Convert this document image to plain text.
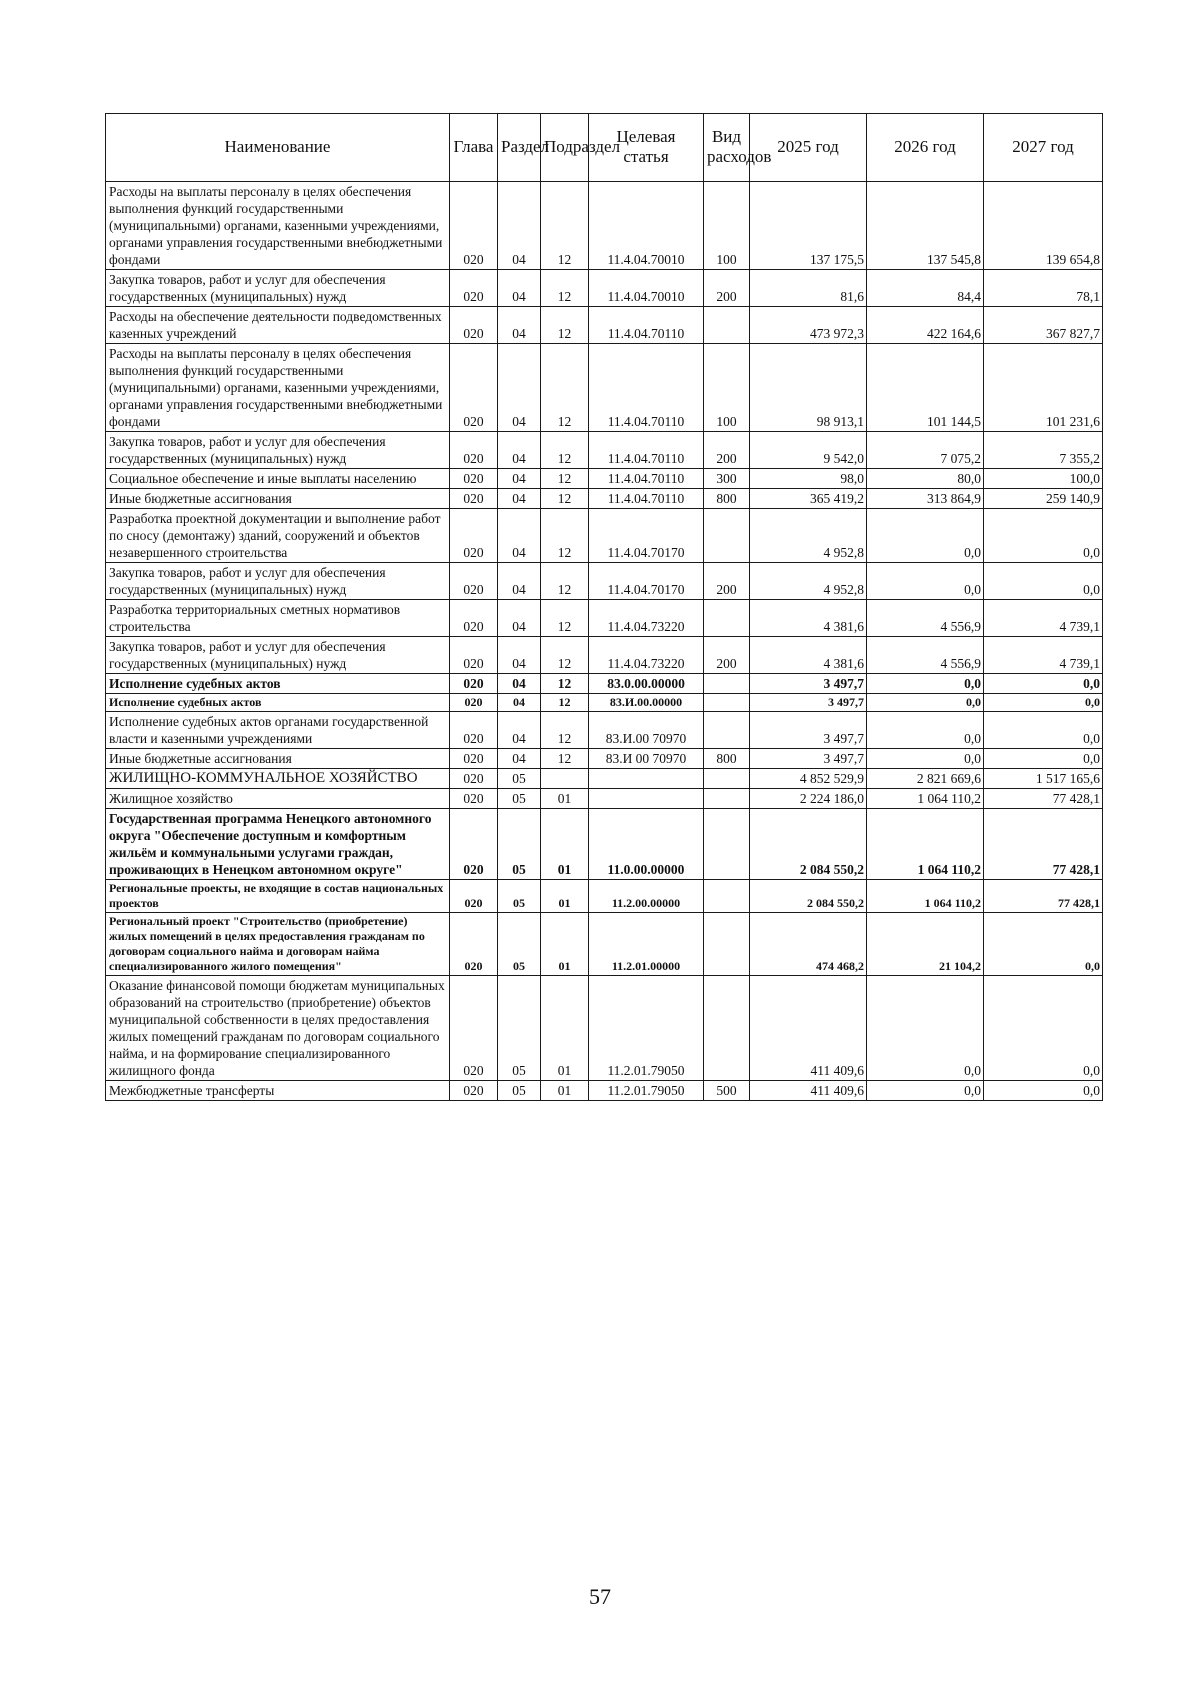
Наименование	Глава	Раздел	Подраздел	Целевая статья	Вид расходов	2025 год	2026 год	2027 год
Расходы на выплаты персоналу в целях обеспечения выполнения функций государственными (муниципальными) органами, казенными учреждениями, органами управления государственными внебюджетными фондами	020	04	12	11.4.04.70010	100	137 175,5	137 545,8	139 654,8
Закупка товаров, работ и услуг для обеспечения государственных (муниципальных) нужд	020	04	12	11.4.04.70010	200	81,6	84,4	78,1
Расходы на обеспечение деятельности подведомственных казенных учреждений	020	04	12	11.4.04.70110		473 972,3	422 164,6	367 827,7
Расходы на выплаты персоналу в целях обеспечения выполнения функций государственными (муниципальными) органами, казенными учреждениями, органами управления государственными внебюджетными фондами	020	04	12	11.4.04.70110	100	98 913,1	101 144,5	101 231,6
Закупка товаров, работ и услуг для обеспечения государственных (муниципальных) нужд	020	04	12	11.4.04.70110	200	9 542,0	7 075,2	7 355,2
Социальное обеспечение и иные выплаты населению	020	04	12	11.4.04.70110	300	98,0	80,0	100,0
Иные бюджетные ассигнования	020	04	12	11.4.04.70110	800	365 419,2	313 864,9	259 140,9
Разработка проектной документации и выполнение работ по сносу (демонтажу) зданий, сооружений и объектов незавершенного строительства	020	04	12	11.4.04.70170		4 952,8	0,0	0,0
Закупка товаров, работ и услуг для обеспечения государственных (муниципальных) нужд	020	04	12	11.4.04.70170	200	4 952,8	0,0	0,0
Разработка территориальных сметных нормативов строительства	020	04	12	11.4.04.73220		4 381,6	4 556,9	4 739,1
Закупка товаров, работ и услуг для обеспечения государственных (муниципальных) нужд	020	04	12	11.4.04.73220	200	4 381,6	4 556,9	4 739,1
Исполнение судебных актов	020	04	12	83.0.00.00000		3 497,7	0,0	0,0
Исполнение судебных актов	020	04	12	83.И.00.00000		3 497,7	0,0	0,0
Исполнение судебных актов органами государственной власти и казенными учреждениями	020	04	12	83.И.00 70970		3 497,7	0,0	0,0
Иные бюджетные ассигнования	020	04	12	83.И 00 70970	800	3 497,7	0,0	0,0
ЖИЛИЩНО-КОММУНАЛЬНОЕ ХОЗЯЙСТВО	020	05				4 852 529,9	2 821 669,6	1 517 165,6
Жилищное хозяйство	020	05	01			2 224 186,0	1 064 110,2	77 428,1
Государственная программа Ненецкого автономного округа "Обеспечение доступным и комфортным жильём и коммунальными услугами граждан, проживающих в Ненецком автономном округе"	020	05	01	11.0.00.00000		2 084 550,2	1 064 110,2	77 428,1
Региональные проекты, не входящие в состав национальных проектов	020	05	01	11.2.00.00000		2 084 550,2	1 064 110,2	77 428,1
Региональный проект "Строительство (приобретение) жилых помещений в целях предоставления гражданам по договорам социального найма и договорам найма специализированного жилого помещения"	020	05	01	11.2.01.00000		474 468,2	21 104,2	0,0
Оказание финансовой помощи бюджетам муниципальных образований на строительство (приобретение) объектов муниципальной собственности в целях предоставления жилых помещений гражданам по договорам социального найма, и на формирование специализированного жилищного фонда	020	05	01	11.2.01.79050		411 409,6	0,0	0,0
Межбюджетные трансферты	020	05	01	11.2.01.79050	500	411 409,6	0,0	0,0
57
